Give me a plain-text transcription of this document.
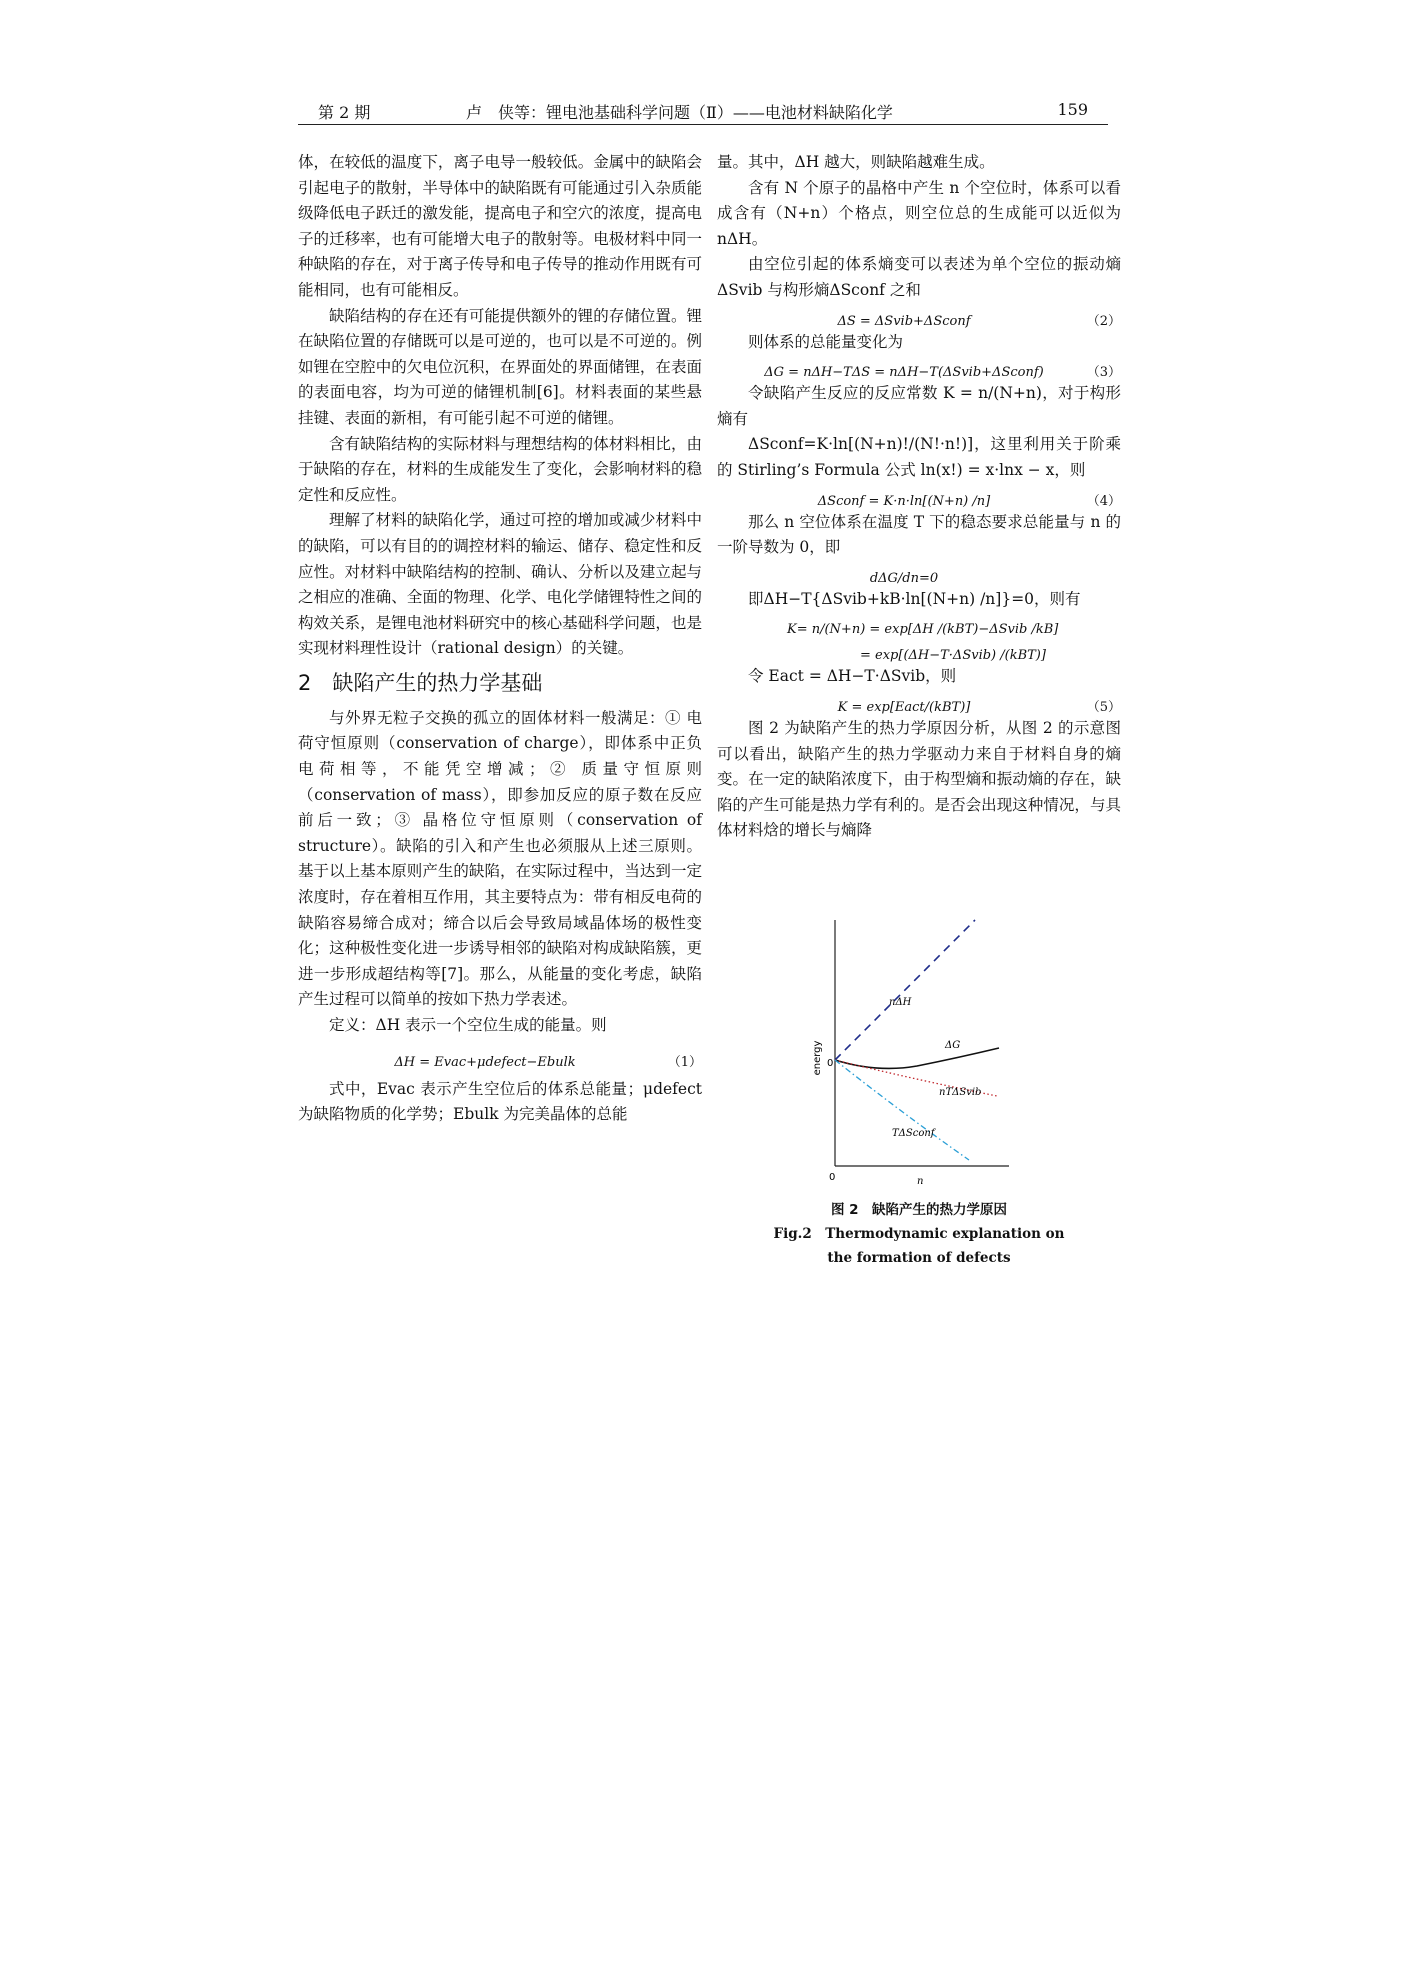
第 2 期	卢　侠等：锂电池基础科学问题（Ⅱ）——电池材料缺陷化学	159

体，在较低的温度下，离子电导一般较低。金属中的缺陷会引起电子的散射，半导体中的缺陷既有可能通过引入杂质能级降低电子跃迁的激发能，提高电子和空穴的浓度，提高电子的迁移率，也有可能增大电子的散射等。电极材料中同一种缺陷的存在，对于离子传导和电子传导的推动作用既有可能相同，也有可能相反。

缺陷结构的存在还有可能提供额外的锂的存储位置。锂在缺陷位置的存储既可以是可逆的，也可以是不可逆的。例如锂在空腔中的欠电位沉积，在界面处的界面储锂，在表面的表面电容，均为可逆的储锂机制[6]。材料表面的某些悬挂键、表面的新相，有可能引起不可逆的储锂。

含有缺陷结构的实际材料与理想结构的体材料相比，由于缺陷的存在，材料的生成能发生了变化，会影响材料的稳定性和反应性。

理解了材料的缺陷化学，通过可控的增加或减少材料中的缺陷，可以有目的的调控材料的输运、储存、稳定性和反应性。对材料中缺陷结构的控制、确认、分析以及建立起与之相应的准确、全面的物理、化学、电化学储锂特性之间的构效关系，是锂电池材料研究中的核心基础科学问题，也是实现材料理性设计（rational design）的关键。

2　缺陷产生的热力学基础

与外界无粒子交换的孤立的固体材料一般满足：① 电荷守恒原则（conservation of charge），即体系中正负电荷相等，不能凭空增减；② 质量守恒原则（conservation of mass），即参加反应的原子数在反应前后一致；③ 晶格位守恒原则（conservation of structure）。缺陷的引入和产生也必须服从上述三原则。基于以上基本原则产生的缺陷，在实际过程中，当达到一定浓度时，存在着相互作用，其主要特点为：带有相反电荷的缺陷容易缔合成对；缔合以后会导致局域晶体场的极性变化；这种极性变化进一步诱导相邻的缺陷对构成缺陷簇，更进一步形成超结构等[7]。那么，从能量的变化考虑，缺陷产生过程可以简单的按如下热力学表述。

定义：ΔH 表示一个空位生成的能量。则

ΔH = Evac+μdefect−Ebulk	（1）

式中，Evac 表示产生空位后的体系总能量；μdefect 为缺陷物质的化学势；Ebulk 为完美晶体的总能

量。其中，ΔH 越大，则缺陷越难生成。

含有 N 个原子的晶格中产生 n 个空位时，体系可以看成含有（N+n）个格点，则空位总的生成能可以近似为 nΔH。

由空位引起的体系熵变可以表述为单个空位的振动熵ΔSvib 与构形熵ΔSconf 之和

ΔS = ΔSvib+ΔSconf	（2）

则体系的总能量变化为

ΔG = nΔH−TΔS = nΔH−T(ΔSvib+ΔSconf)	（3）

令缺陷产生反应的反应常数 K = n/(N+n)，对于构形熵有

ΔSconf=K·ln[(N+n)!/(N!·n!)]，这里利用关于阶乘的 Stirling’s Formula 公式 ln(x!) = x·lnx − x，则

ΔSconf = K·n·ln[(N+n) /n]	（4）

那么 n 空位体系在温度 T 下的稳态要求总能量与 n 的一阶导数为 0，即

dΔG/dn=0

即ΔH−T{ΔSvib+kB·ln[(N+n) /n]}=0，则有

K= n/(N+n) = exp[ΔH /(kBT)−ΔSvib /kB]
= exp[(ΔH−T·ΔSvib) /(kBT)]

令 Eact = ΔH−T·ΔSvib，则

K = exp[Eact/(kBT)]	（5）

图 2 为缺陷产生的热力学原因分析，从图 2 的示意图可以看出，缺陷产生的热力学驱动力来自于材料自身的熵变。在一定的缺陷浓度下，由于构型熵和振动熵的存在，缺陷的产生可能是热力学有利的。是否会出现这种情况，与具体材料焓的增长与熵降

energy 0
0	n
nΔH
ΔG
nTΔSvib
TΔSconf
图 2　缺陷产生的热力学原因
Fig.2　Thermodynamic explanation on
the formation of defects
